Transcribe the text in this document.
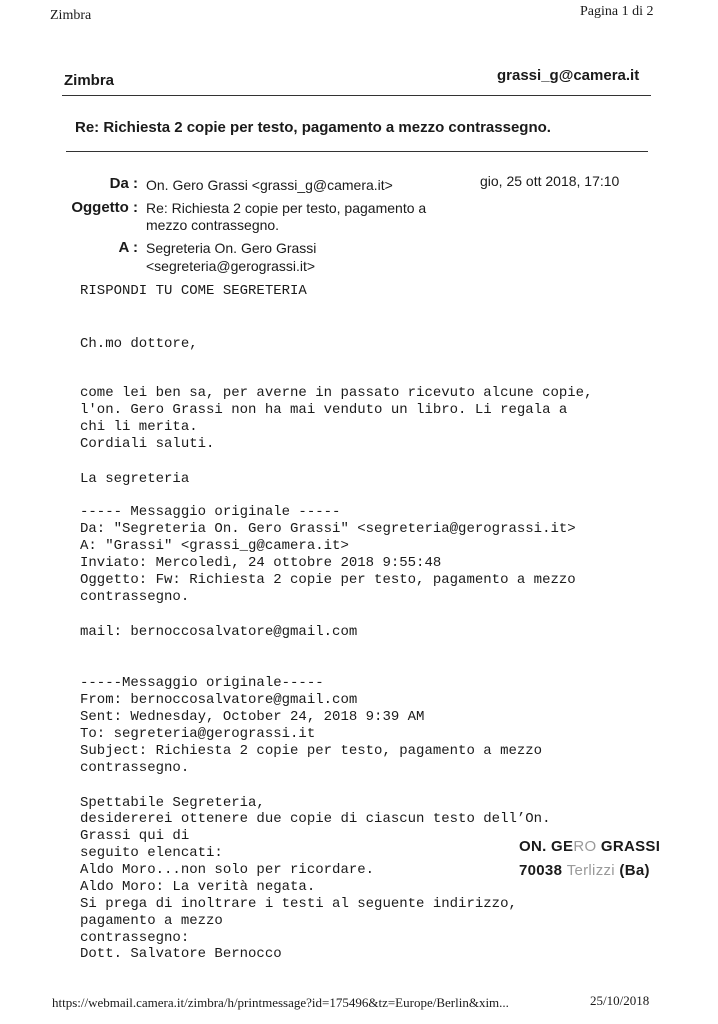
Zimbra	Pagina 1 di 2
Zimbra	grassi_g@camera.it
Re: Richiesta 2 copie per testo, pagamento a mezzo contrassegno.
Da : On. Gero Grassi <grassi_g@camera.it>	gio, 25 ott 2018, 17:10
Oggetto : Re: Richiesta 2 copie per testo, pagamento a
mezzo contrassegno.
A : Segreteria On. Gero Grassi
<segreteria@gerograssi.it>
RISPONDI TU COME SEGRETERIA
Ch.mo dottore,
come lei ben sa, per averne in passato ricevuto alcune copie,
l'on. Gero Grassi non ha mai venduto un libro. Li regala a
chi li merita.
Cordiali saluti.
La segreteria
----- Messaggio originale -----
Da: "Segreteria On. Gero Grassi" <segreteria@gerograssi.it>
A: "Grassi" <grassi_g@camera.it>
Inviato: Mercoledì, 24 ottobre 2018 9:55:48
Oggetto: Fw: Richiesta 2 copie per testo, pagamento a mezzo
contrassegno.
mail: bernoccosalvatore@gmail.com
-----Messaggio originale-----
From: bernoccosalvatore@gmail.com
Sent: Wednesday, October 24, 2018 9:39 AM
To: segreteria@gerograssi.it
Subject: Richiesta 2 copie per testo, pagamento a mezzo
contrassegno.
Spettabile Segreteria,
desidererei ottenere due copie di ciascun testo dell’On.
Grassi qui di
seguito elencati:
Aldo Moro...non solo per ricordare.
Aldo Moro: La verità negata.
Si prega di inoltrare i testi al seguente indirizzo,
pagamento a mezzo
contrassegno:
Dott. Salvatore Bernocco
ON. GERO GRASSI
70038 Terlizzi (Ba)
https://webmail.camera.it/zimbra/h/printmessage?id=175496&tz=Europe/Berlin&xim...	25/10/2018
